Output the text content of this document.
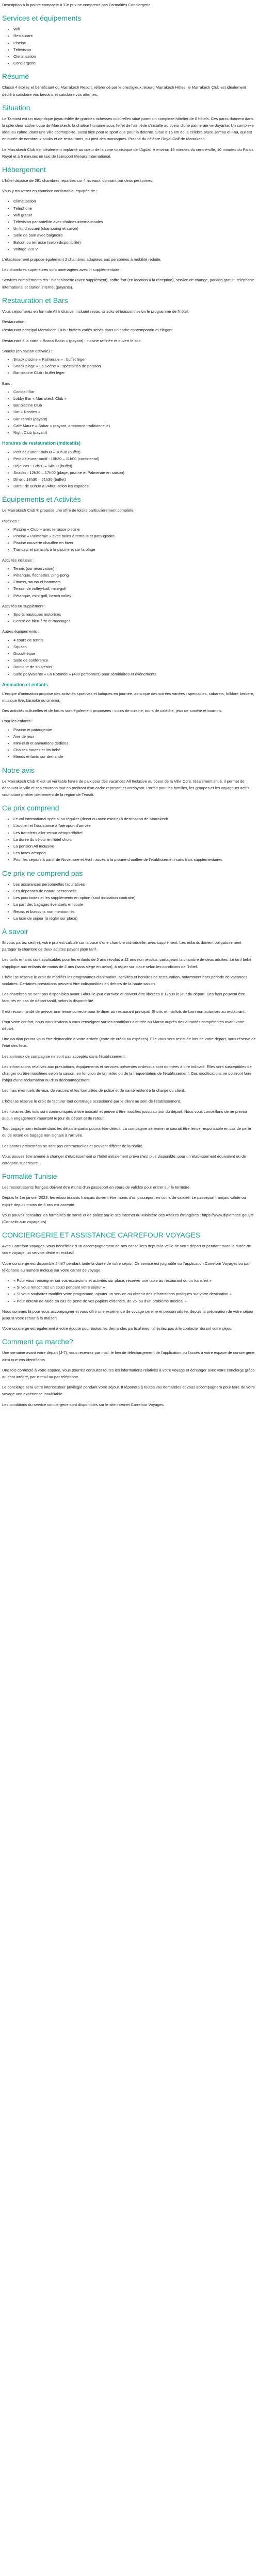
Description à la pointe compacte à 'Ce prix ne comprend pas Formalités Conciergerie

Services et équipements
• Wifi
• Restaurant
• Piscine
• Télévision
• Climatisation
• Conciergerie
Résumé

Classé 4 étoiles et bénéficiant du Marrakech Resort, référencé par le prestigieux réseau Marrakech Hôtes, le Marrakech Club est idéalement dédié à satisfaire vos besoins et satisfaire vos attentes.

Situation

Le Tamiost est un magnifique joyau édifié de grandes richesses culturelles situé parmi un complexe hôtelier de 8 hôtels. Ces parcs donnent dans la splendeur authentique de Marrakech, la chaleur humaine sous l'effet de l'air tiède s'installe au coeur d'une palmeraie verdoyante. Un complexe idéal au calme, dans une ville cosmopolite, aussi bien pour le sport que pour la détente. Situé à 15 km de la célèbre place Jemaa el-Fna, qui est entourée de nombreux souks et de restaurants, au pied des montagnes. Proche du célèbre Royal Golf de Marrakech.

Le Marrakech Club est idéalement implanté au coeur de la zone touristique de l'Agdal. À environ 15 minutes du centre-ville, 10 minutes du Palais Royal et à 5 minutes en taxi de l'aéroport Menara International.

Hébergement

L'hôtel dispose de 281 chambres réparties sur 4 niveaux, donnant par deux personnes.

Vous y trouverez en chambre confortable, équipée de :

• Climatisation
• Téléphone
• Wifi gratuit
• Télévision par satellite avec chaînes internationales
• Un kit d'accueil (shampoing et savon)
• Salle de bain avec baignoire
• Balcon ou terrasse (selon disponibilité)
• Voltage 220 V

L'établissement propose également 2 chambres adaptées aux personnes à mobilité réduite.

Les chambres supérieures sont aménagées avec lit supplémentaire.

Services complémentaires : blanchisserie (avec supplément), coffre-fort (en location à la réception), service de change, parking gratuit, téléphone international et station internet (payants).

Restauration et Bars

Vous séjournerez en formule All Inclusive, incluant repas, snacks et boissons selon le programme de l'hôtel.

Restauration :

Restaurant principal Marrakech Club : buffets variés servis dans un cadre contemporain et élégant

Restaurant à la carte « Bocca Bacio » (payant) : cuisine raffinée et ouvert le soir

Snacks (en saison estivale) :

• Snack piscine « Palmeraie » : buffet léger
• Snack plage « La Scène » : spécialités de poisson
• Bar piscine Club : buffet léger

Bars :

• Cocktail Bar
• Lobby Bar « Marrakech Club »
• Bar piscine Club
• Bar « Rasties »
• Bar Tennis (payant)
• Café Maure « Sahar » (payant, ambiance traditionnelle)
• Night Club (payant)
Horaires de restauration (indicatifs)
• Petit déjeuner : 06h00 – 10h30 (buffet)
• Petit déjeuner tardif : 10h30 – 11h00 (continental)
• Déjeuner : 12h30 – 14h00 (buffet)
• Snacks : 12h30 – 17h00 (plage, piscine et Palmeraie en saison)
• Dîner : 18h30 – 21h30 (buffet)
• Bars : de 08h00 à 24h00 selon les espaces
Équipements et Activités

Le Marrakech Club ® propose une offre de loisirs particulièrement complète.

Piscines :

• Piscine « Club » avec terrasse piscine
• Piscine « Palmeraie » avec bains à remous et pataugeoire
• Piscine couverte chauffée en hiver
• Transats et parasols à la piscine et sur la plage

Activités incluses :

• Tennis (sur réservation)
• Pétanque, fléchettes, ping-pong
• Fitness, sauna et hammam
• Terrain de volley-ball, mini-golf
• Pétanque, mini-golf, beach volley

Activités en supplément :

• Sports nautiques motorisés
• Centre de bien-être et massages

Autres équipements :

• 4 cours de tennis
• Squash
• Discothèque
• Salle de conférence
• Boutique de souvenirs
• Salle polyvalente « La Rotonde » (480 personnes) pour séminaires et événements
Animation et enfants

L'équipe d'animation propose des activités sportives et ludiques en journée, ainsi que des soirées variées : spectacles, cabarets, folklore berbère, musique live, karaoké ou cinéma.

Des activités culturelles et de loisirs sont également proposées : cours de cuisine, tours de calèche, jeux de société et tournois.

Pour les enfants :

• Piscine et pataugeoire
• Aire de jeux
• Mini-club et animations dédiées
• Chaises hautes et lits bébé
• Menus enfants sur demande
Notre avis

Le Marrakech Club ® est un véritable havre de paix pour des vacances All Inclusive au coeur de la Ville Ocre. Idéalement situé, il permet de découvrir la ville et ses environs tout en profitant d'un cadre reposant et verdoyant. Parfait pour les familles, les groupes et les voyageurs actifs souhaitant profiter pleinement de la région de Tensift.

Ce prix comprend
• Le vol international spécial ou régulier (direct ou avec escale) à destination de Marrakech
• L'accueil et l'assistance à l'aéroport d'arrivée
• Les transferts aller-retour aéroport/hôtel
• La durée du séjour en hôtel choisi
• La pension All Inclusive
• Les taxes aéroport
• Pour les séjours à partir de Novembre et Avril : accès à la piscine chauffée de l'établissement sans frais supplémentaires
Ce prix ne comprend pas
• Les assurances personnelles facultatives
• Les dépenses de nature personnelle
• Les pourboires et les suppléments en option (sauf indication contraire)
• La part des bagages éventuels en soute
• Repas et boissons non mentionnés
• La taxe de séjour (à régler sur place)
À savoir

Si vous partez seul(e), votre prix est calculé sur la base d'une chambre individuelle, avec supplément. Les enfants doivent obligatoirement partager la chambre de deux adultes payant plein tarif.

Les tarifs enfants sont applicables pour les enfants de 2 ans révolus à 12 ans non révolus, partageant la chambre de deux adultes. Le tarif bébé s'applique aux enfants de moins de 2 ans (sans siège en avion), à régler sur place selon les conditions de l'hôtel.

L'hôtel se réserve le droit de modifier les programmes d'animation, activités et horaires de restauration, notamment hors période de vacances scolaires. Certaines prestations peuvent être indisponibles en dehors de la haute saison.

Les chambres ne sont pas disponibles avant 14h00 le jour d'arrivée et doivent être libérées à 12h00 le jour du départ. Des frais peuvent être facturés en cas de départ tardif, selon la disponibilité.

Il est recommandé de prévoir une tenue correcte pour le dîner au restaurant principal. Shorts et maillots de bain non autorisés au restaurant.

Pour votre confort, nous vous invitons à vous renseigner sur les conditions d'entrée au Maroc auprès des autorités compétentes avant votre départ.

Une caution pourra vous être demandée à votre arrivée (carte de crédit ou espèces). Elle vous sera restituée lors de votre départ, sous réserve de l'état des lieux.

Les animaux de compagnie ne sont pas acceptés dans l'établissement.

Les informations relatives aux prestations, équipements et services présentes ci-dessus sont données à titre indicatif. Elles sont susceptibles de changer ou être modifiées selon la saison, en fonction de la météo ou de la fréquentation de l'établissement. Ces modifications ne pourront faire l'objet d'une réclamation ou d'un dédommagement.

Les frais éventuels de visa, de vaccins et les formalités de police et de santé restent à la charge du client.

L'hôtel se réserve le droit de facturer tout dommage occasionné par le client au sein de l'établissement.

Les horaires des vols sont communiqués à titre indicatif et peuvent être modifiés jusqu'au jour du départ. Nous vous conseillons de ne prévoir aucun engagement important le jour du départ et du retour.

Tout bagage non réclamé dans les délais impartis pourra être détruit. La compagnie aérienne ne saurait être tenue responsable en cas de perte ou de retard de bagage non signalé à l'arrivée.

Les photos présentées ne sont pas contractuelles et peuvent différer de la réalité.

Vous pouvez être amené à changer d'établissement si l'hôtel initialement prévu n'est plus disponible, pour un établissement équivalent ou de catégorie supérieure.

Formalité Tunisie

Les ressortissants français doivent être munis d'un passeport en cours de validité pour entrer sur le territoire.

Depuis le 1er janvier 2023, les ressortissants français doivent être munis d'un passeport en cours de validité. Le passeport français valide ou expiré depuis moins de 5 ans est accepté.

Vous pouvez consulter les formalités de santé et de police sur le site internet du Ministère des Affaires étrangères : https://www.diplomatie.gouv.fr (Conseils aux voyageurs)

CONCIERGERIE ET ASSISTANCE CARREFOUR VOYAGES

Avec Carrefour Voyages, vous bénéficiez d'un accompagnement de nos conseillers depuis la veille de votre départ et pendant toute la durée de votre voyage, un service dédié et exclusif.

Votre concierge est disponible 24h/7 pendant toute la durée de votre séjour. Ce service est joignable via l'application Carrefour Voyages ou par téléphone au numéro indiqué sur votre carnet de voyage.

• « Pour vous renseigner sur vos excursions et activités sur place, réserver une table au restaurant ou un transfert »
• « Si vous rencontrez un souci pendant votre séjour »
• « Si vous souhaitez modifier votre programme, ajouter un service ou obtenir des informations pratiques sur votre destination »
• « Pour obtenir de l'aide en cas de perte de vos papiers d'identité, de vol ou d'un problème médical »

Nous sommes là pour vous accompagner et vous offrir une expérience de voyage sereine et personnalisée, depuis la préparation de votre séjour jusqu'à votre retour à la maison.

Votre concierge est également à votre écoute pour toutes les demandes particulières, n'hésitez pas à le contacter durant votre séjour.

Comment ça marche?

Une semaine avant votre départ (J-7), vous recevrez par mail, le lien de téléchargement de l'application ou l'accès à votre espace de conciergerie ainsi que vos identifiants.

Une fois connecté à votre espace, vous pourrez consulter toutes les informations relatives à votre voyage et échanger avec votre concierge grâce au chat intégré, par e-mail ou par téléphone.

Le concierge sera votre interlocuteur privilégié pendant votre séjour. Il répondra à toutes vos demandes et vous accompagnera pour faire de votre voyage une expérience inoubliable.

Les conditions du service conciergerie sont disponibles sur le site internet Carrefour Voyages.
